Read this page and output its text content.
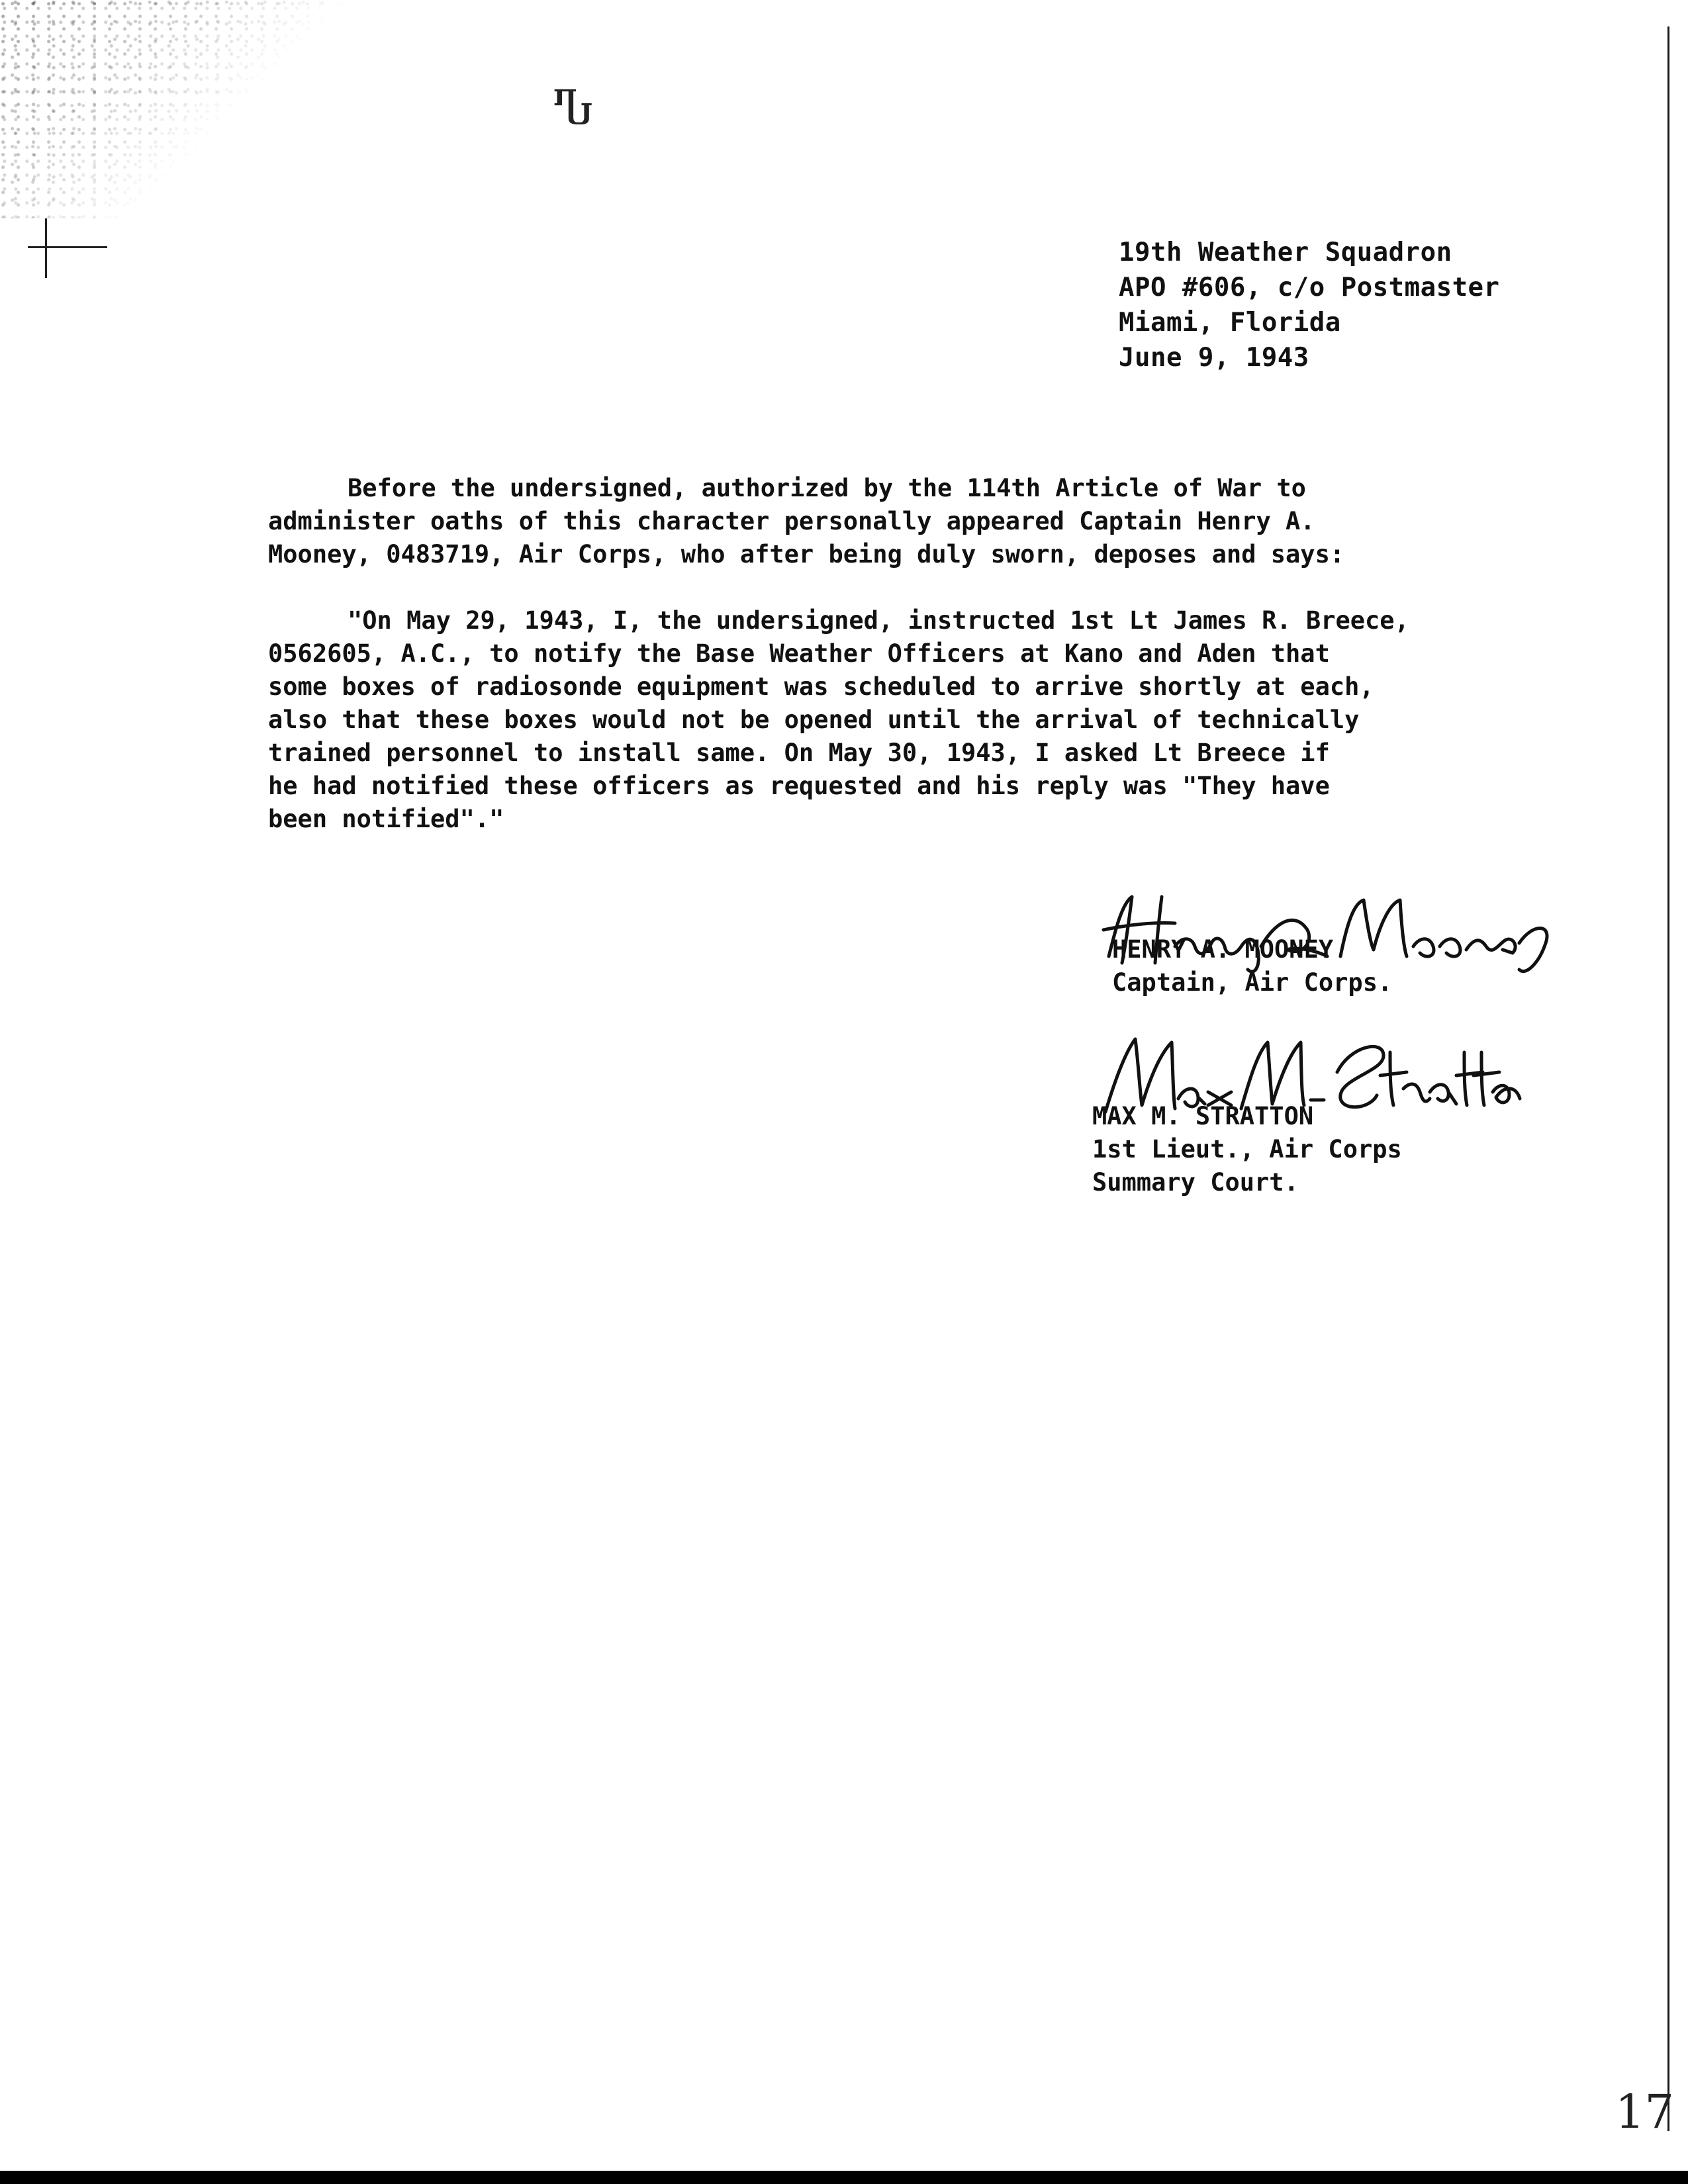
Ⴠ
17
19th Weather Squadron
APO #606, c/o Postmaster
Miami, Florida
June 9, 1943
Before the undersigned, authorized by the 114th Article of War to
administer oaths of this character personally appeared Captain Henry A.
Mooney, 0483719, Air Corps, who after being duly sworn, deposes and says:
"On May 29, 1943, I, the undersigned, instructed 1st Lt James R. Breece,
0562605, A.C., to notify the Base Weather Officers at Kano and Aden that
some boxes of radiosonde equipment was scheduled to arrive shortly at each,
also that these boxes would not be opened until the arrival of technically
trained personnel to install same. On May 30, 1943, I asked Lt Breece if
he had notified these officers as requested and his reply was "They have
been notified"."
HENRY A. MOONEY
Captain, Air Corps.
MAX M. STRATTON
1st Lieut., Air Corps
Summary Court.
